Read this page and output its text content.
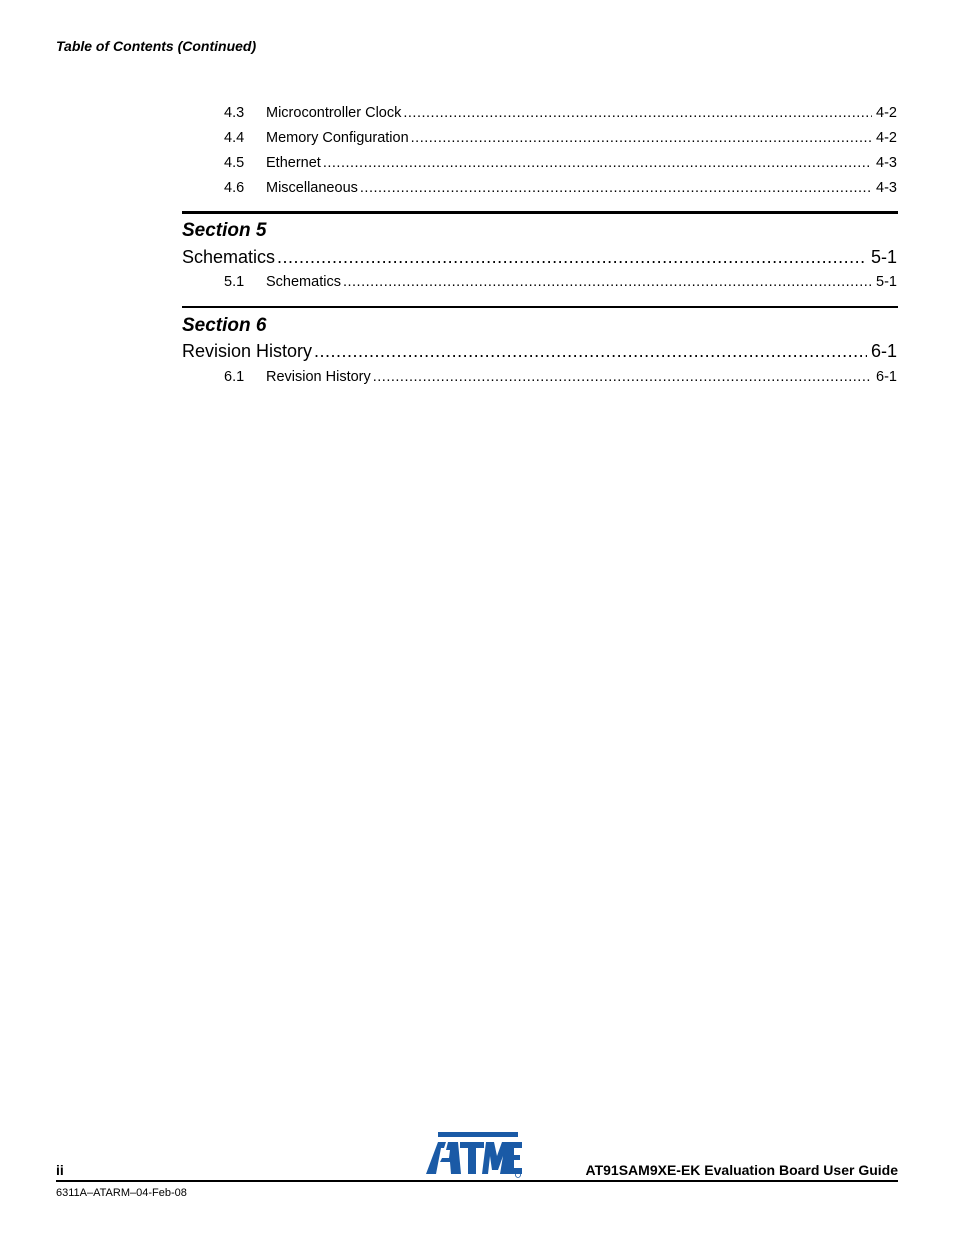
Table of Contents (Continued)
4.3 Microcontroller Clock .....	4-2
4.4 Memory Configuration .....	4-2
4.5 Ethernet .....	4-3
4.6 Miscellaneous .....	4-3
Section 5
Schematics .....	5-1
5.1 Schematics .....	5-1
Section 6
Revision History .....	6-1
6.1 Revision History .....	6-1
ii	AT91SAM9XE-EK Evaluation Board User Guide
6311A–ATARM–04-Feb-08
